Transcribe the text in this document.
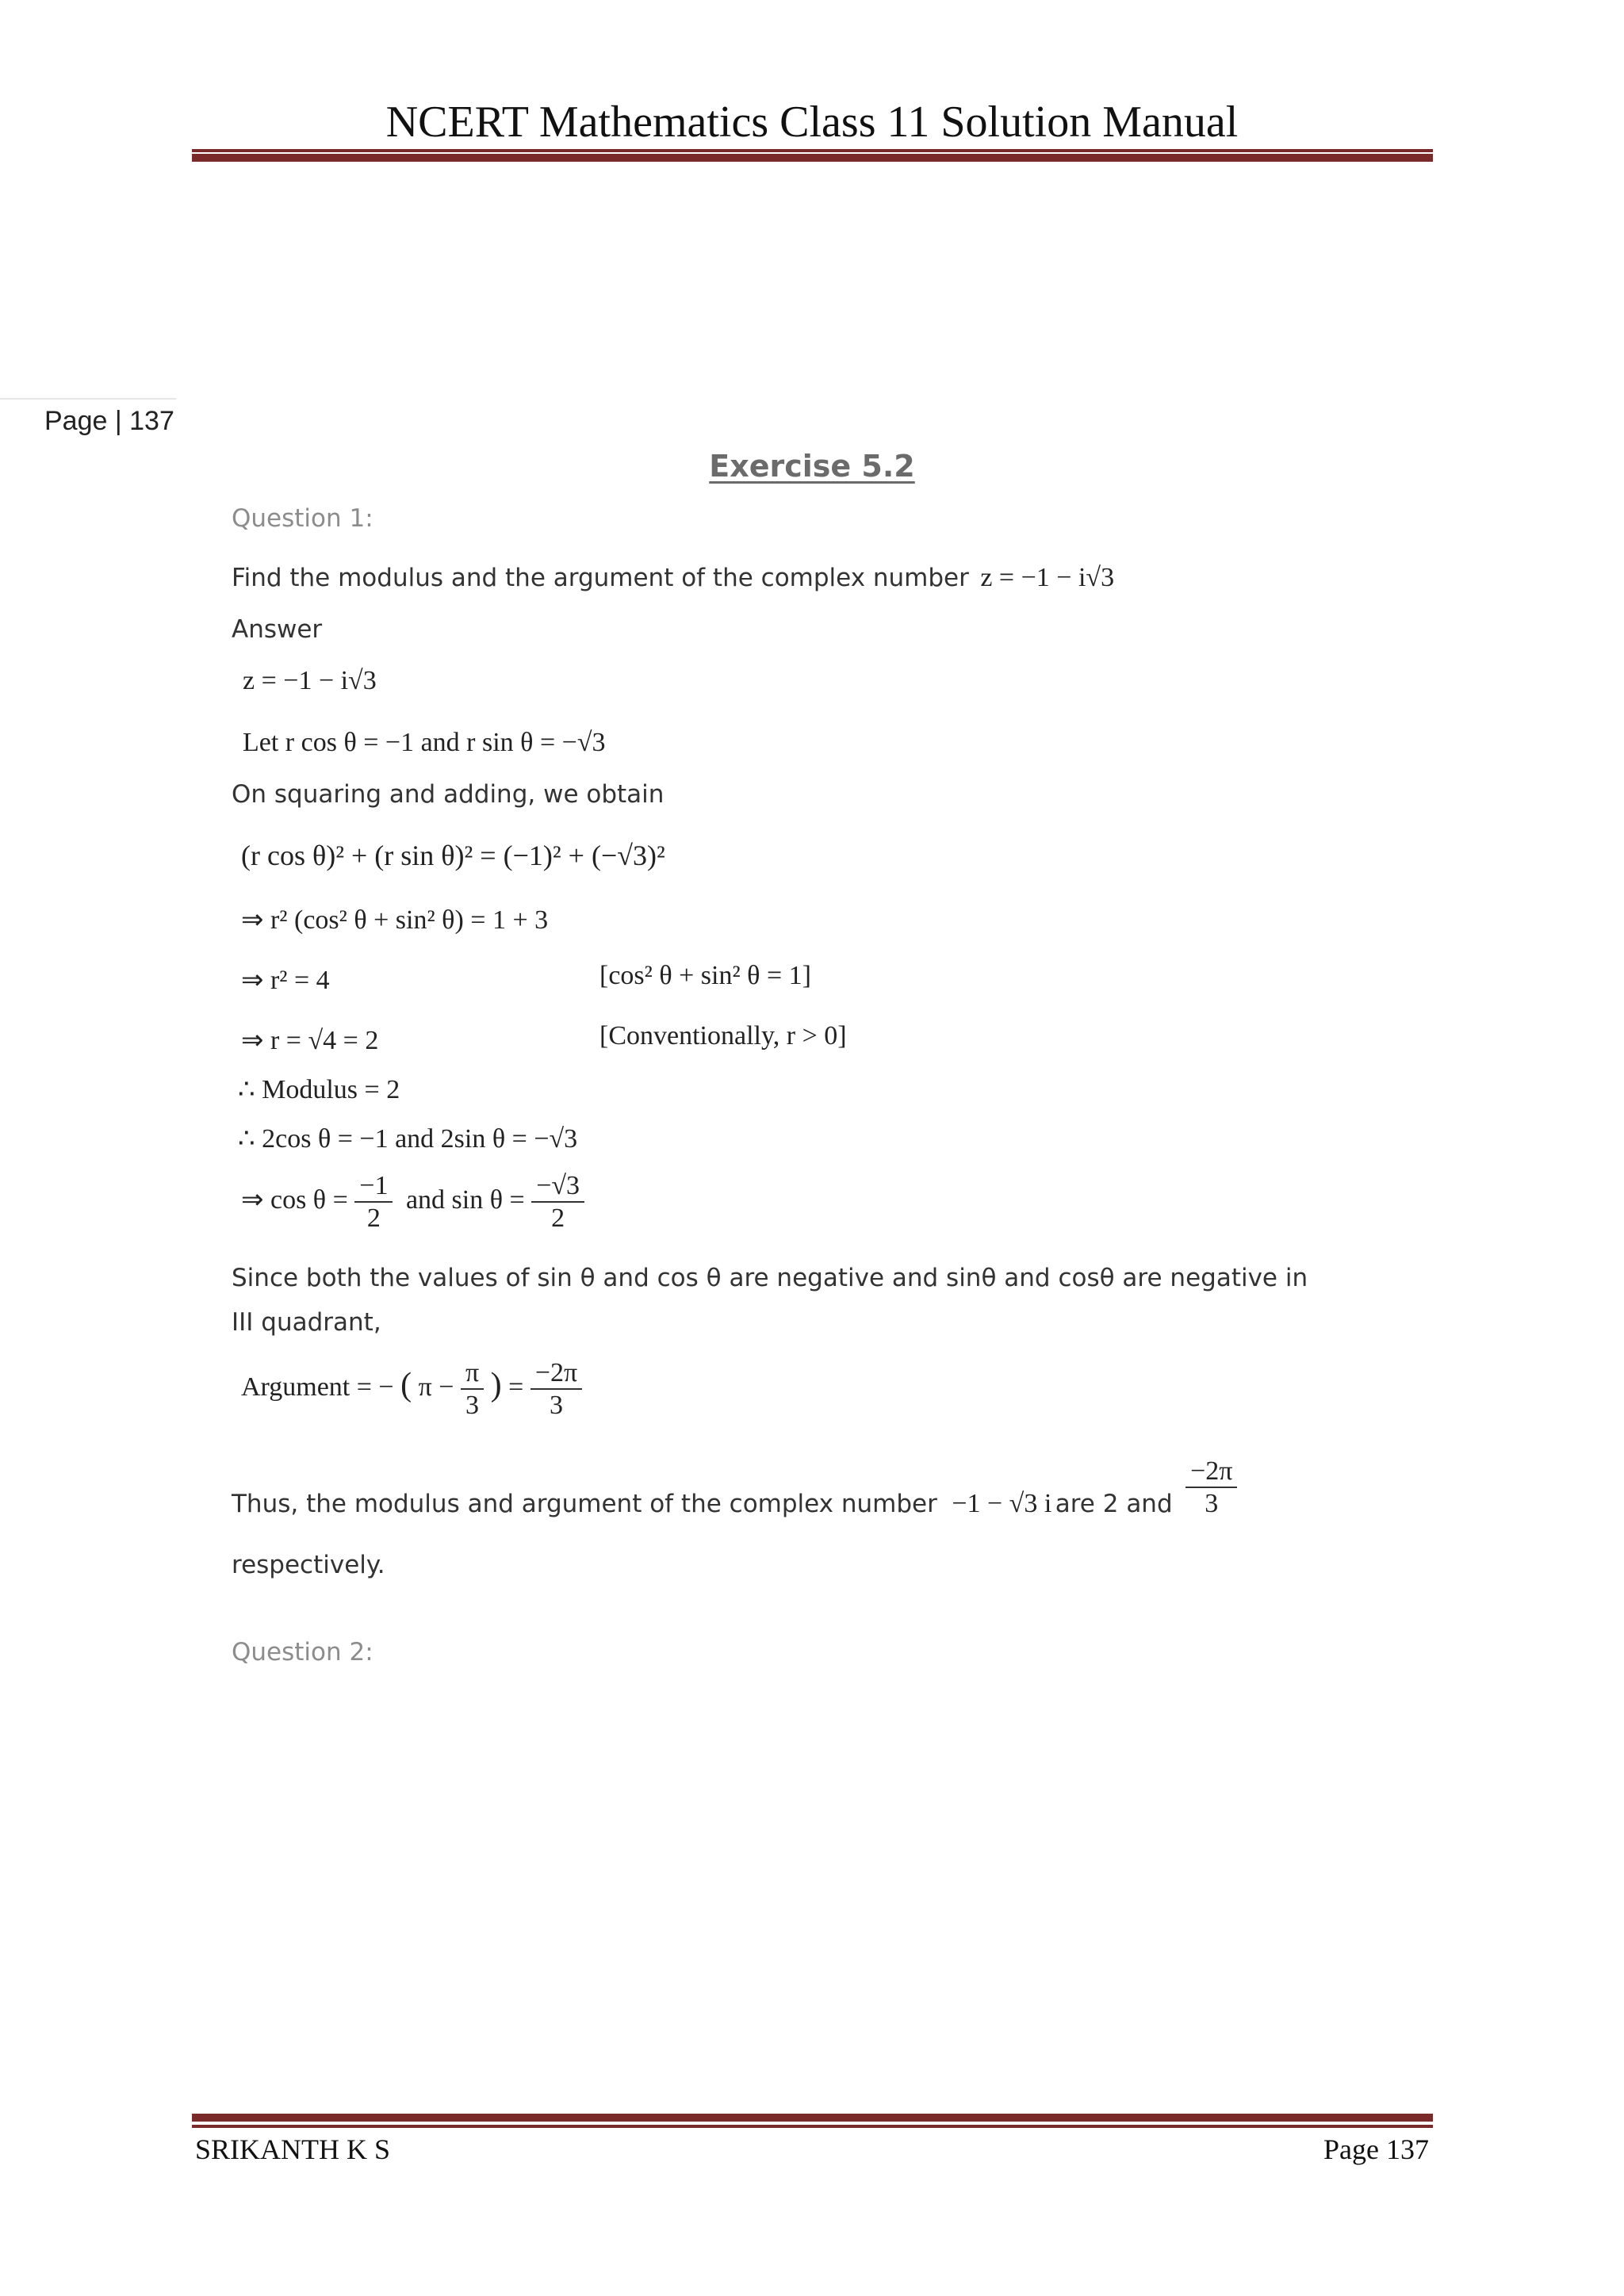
NCERT Mathematics Class 11 Solution Manual
Page | 137
Exercise 5.2
Question 1:
Find the modulus and the argument of the complex number z = −1 − i√3
Answer
z = −1 − i√3
Let r cos θ = −1 and r sin θ = −√3
On squaring and adding, we obtain
(r cos θ)² + (r sin θ)² = (−1)² + (−√3)²
⇒ r² (cos² θ + sin² θ) = 1 + 3
⇒ r² = 4	[cos² θ + sin² θ = 1]
⇒ r = √4 = 2	[Conventionally, r > 0]
∴ Modulus = 2
∴ 2cos θ = −1 and 2sin θ = −√3
⇒ $\cos \theta = \frac{-1}{2}$ and $\sin \theta = \frac{-√3}{2}$
Since both the values of sin θ and cos θ are negative and sinθ and cosθ are negative in
III quadrant,
Argument = − ( $\pi - \frac{\pi}{3}$ ) = $\frac{-2\pi}{3}$
Thus, the modulus and argument of the complex number −1 − √3 i are 2 and $\frac{-2\pi}{3}$
respectively.
Question 2:
SRIKANTH K S	Page 137
